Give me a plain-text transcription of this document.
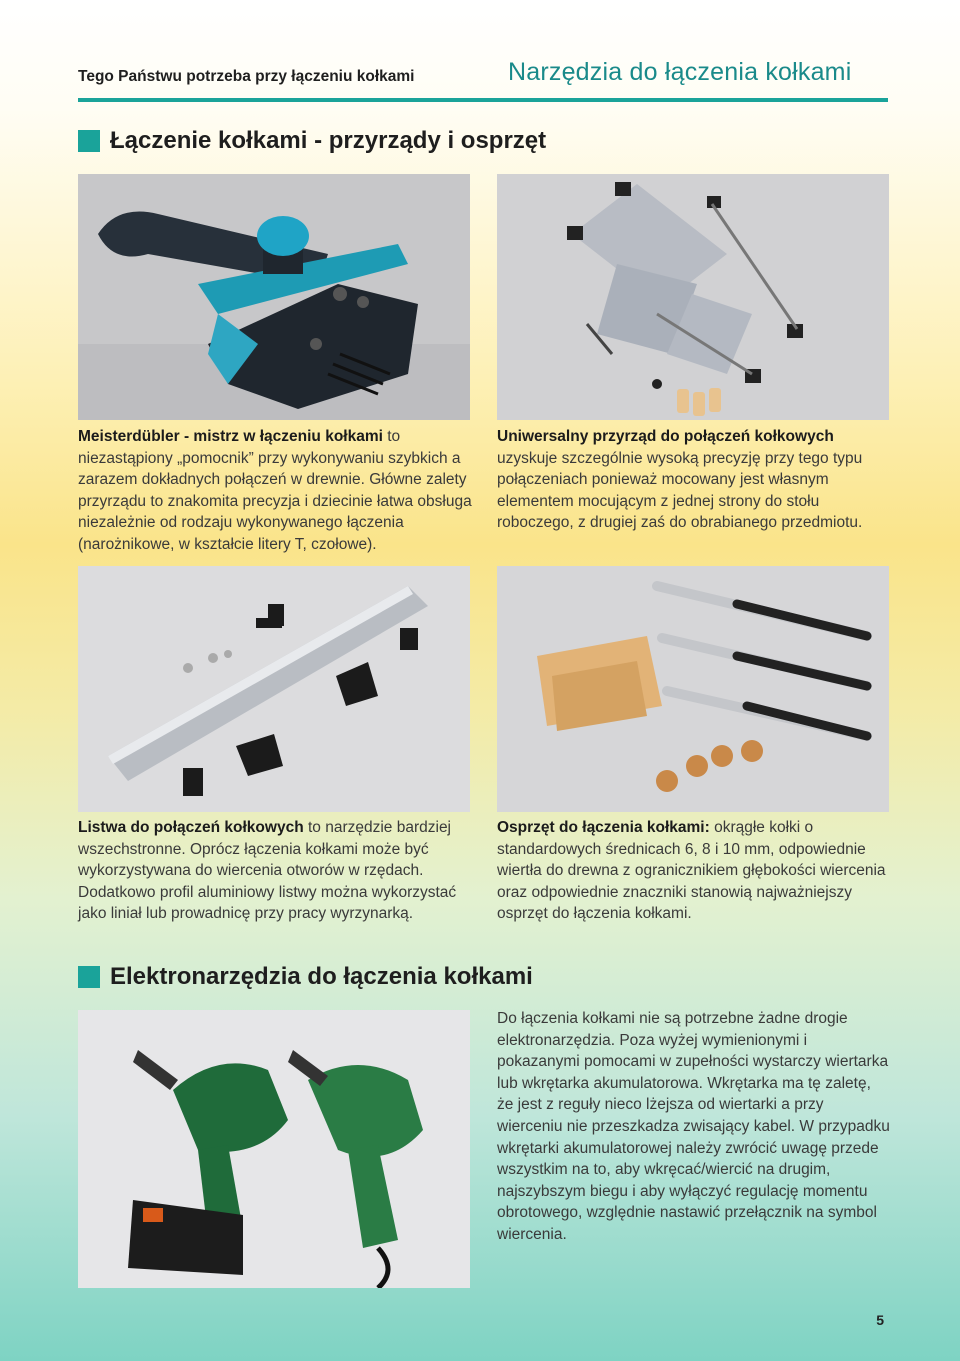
Tego Państwu potrzeba przy łączeniu kołkami	Narzędzia do łączenia kołkami
Łączenie kołkami - przyrządy i osprzęt
Meisterdübler - mistrz w łączeniu kołkami to niezastąpiony „pomocnik” przy wykonywaniu szybkich a zarazem dokładnych połączeń w drewnie. Główne zalety przyrządu to znakomita precyzja i dziecinie łatwa obsługa niezależnie od rodzaju wykonywanego łączenia (narożnikowe, w kształcie litery T, czołowe).
Uniwersalny przyrząd do połączeń kołkowych uzyskuje szczególnie wysoką precyzję przy tego typu połączeniach ponieważ mocowany jest własnym elementem mocującym z jednej strony do stołu roboczego, z drugiej zaś do obrabianego przedmiotu.
Listwa do połączeń kołkowych to narzędzie bardziej wszechstronne. Oprócz łączenia kołkami może być wykorzystywana do wiercenia otworów w rzędach. Dodatkowo profil aluminiowy listwy można wykorzystać jako liniał lub prowadnicę przy pracy wyrzynarką.
Osprzęt do łączenia kołkami: okrągłe kołki o standardowych średnicach 6, 8 i 10 mm, odpowiednie wiertła do drewna z ogranicznikiem głębokości wiercenia oraz odpowiednie znaczniki stanowią najważniejszy osprzęt do łączenia kołkami.
Elektronarzędzia do łączenia kołkami
Do łączenia kołkami nie są potrzebne żadne drogie elektronarzędzia. Poza wyżej wymienionymi i pokazanymi pomocami w zupełności wystarczy wiertarka lub wkrętarka akumulatorowa. Wkrętarka ma tę zaletę, że jest z reguły nieco lżejsza od wiertarki a przy wierceniu nie przeszkadza zwisający kabel. W przypadku wkrętarki akumulatorowej należy zwrócić uwagę przede wszystkim na to, aby wkręcać/wiercić na drugim, najszybszym biegu i aby wyłączyć regulację momentu obrotowego, względnie nastawić przełącznik na symbol wiercenia.
5
